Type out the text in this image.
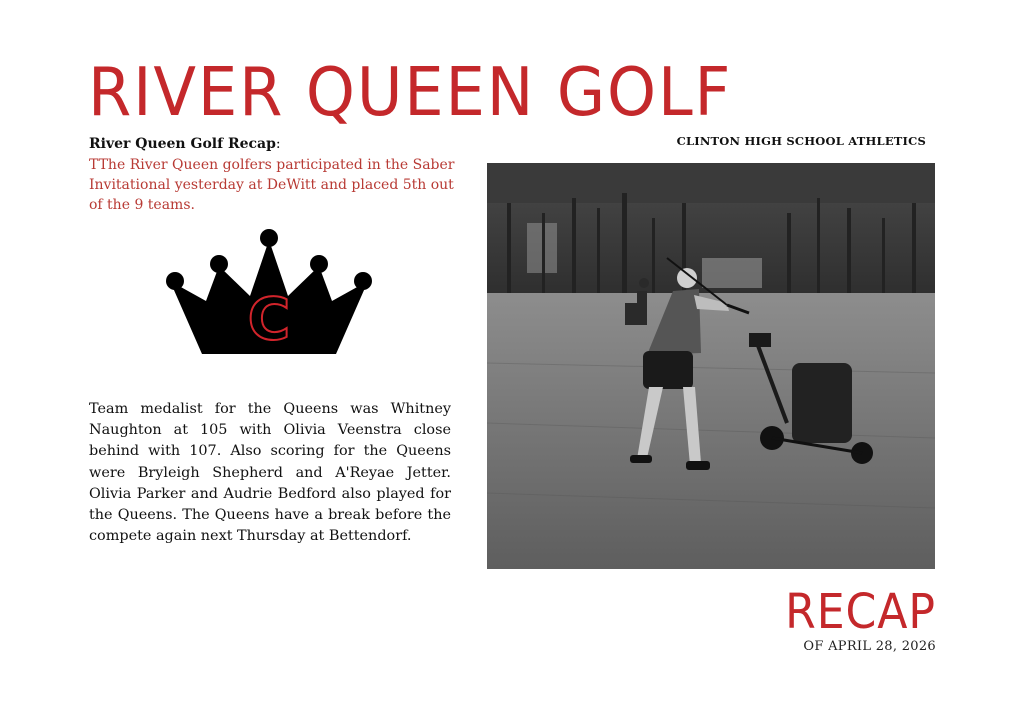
RIVER QUEEN GOLF
CLINTON HIGH SCHOOL ATHLETICS
River Queen Golf Recap:
TThe River Queen golfers participated in the Saber Invitational yesterday at DeWitt and placed 5th out of the 9 teams.
C
Team medalist for the Queens was Whitney Naughton at 105 with Olivia Veenstra close behind with 107. Also scoring for the Queens were Bryleigh Shepherd and A'Reyae Jetter. Olivia Parker and Audrie Bedford also played for the Queens. The Queens have a break before the compete again next Thursday at Bettendorf.
RECAP
OF APRIL 28, 2026
